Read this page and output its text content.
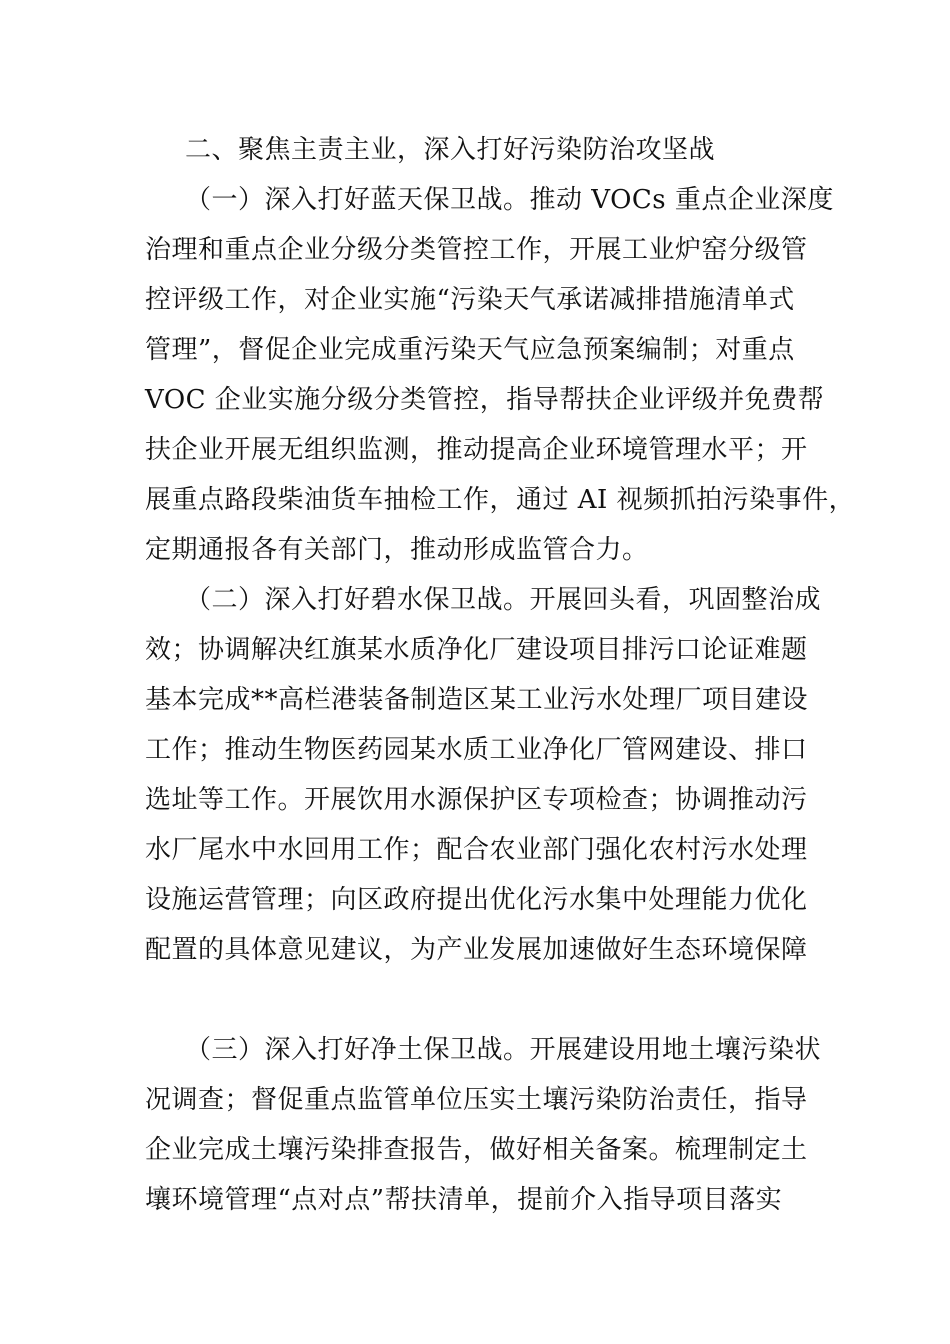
二、聚焦主责主业，深入打好污染防治攻坚战
（一）深入打好蓝天保卫战。推动 VOCs 重点企业深度
治理和重点企业分级分类管控工作，开展工业炉窑分级管
控评级工作，对企业实施“污染天气承诺减排措施清单式
管理”，督促企业完成重污染天气应急预案编制；对重点
VOC 企业实施分级分类管控，指导帮扶企业评级并免费帮
扶企业开展无组织监测，推动提高企业环境管理水平；开
展重点路段柴油货车抽检工作，通过 AI 视频抓拍污染事件，
定期通报各有关部门，推动形成监管合力。
（二）深入打好碧水保卫战。开展回头看，巩固整治成
效；协调解决红旗某水质净化厂建设项目排污口论证难题
基本完成**高栏港装备制造区某工业污水处理厂项目建设
工作；推动生物医药园某水质工业净化厂管网建设、排口
选址等工作。开展饮用水源保护区专项检查；协调推动污
水厂尾水中水回用工作；配合农业部门强化农村污水处理
设施运营管理；向区政府提出优化污水集中处理能力优化
配置的具体意见建议，为产业发展加速做好生态环境保障
（三）深入打好净土保卫战。开展建设用地土壤污染状
况调查；督促重点监管单位压实土壤污染防治责任，指导
企业完成土壤污染排查报告，做好相关备案。梳理制定土
壤环境管理“点对点”帮扶清单，提前介入指导项目落实
